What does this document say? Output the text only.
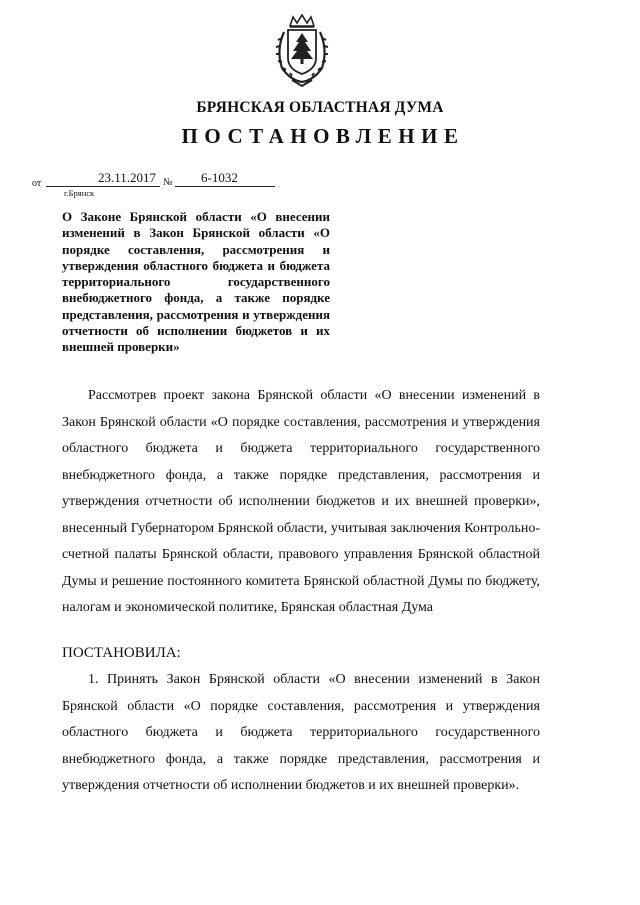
БРЯНСКАЯ ОБЛАСТНАЯ ДУМА
ПОСТАНОВЛЕНИЕ
от	23.11.2017 №	6-1032
г.Брянск
О Законе Брянской области «О внесении изменений в Закон Брянской области «О порядке составления, рассмотрения и утверждения областного бюджета и бюджета территориального государственного внебюджетного фонда, а также порядке представления, рассмотрения и утверждения отчетности об исполнении бюджетов и их внешней проверки»

Рассмотрев проект закона Брянской области «О внесении изменений в Закон Брянской области «О порядке составления, рассмотрения и утверждения областного бюджета и бюджета территориального государственного внебюджетного фонда, а также порядке представления, рассмотрения и утверждения отчетности об исполнении бюджетов и их внешней проверки», внесенный Губернатором Брянской области, учитывая заключения Контрольно-счетной палаты Брянской области, правового управления Брянской областной Думы и решение постоянного комитета Брянской областной Думы по бюджету, налогам и экономической политике, Брянская областная Дума

ПОСТАНОВИЛА:
1. Принять Закон Брянской области «О внесении изменений в Закон Брянской области «О порядке составления, рассмотрения и утверждения областного бюджета и бюджета территориального государственного внебюджетного фонда, а также порядке представления, рассмотрения и утверждения отчетности об исполнении бюджетов и их внешней проверки».
